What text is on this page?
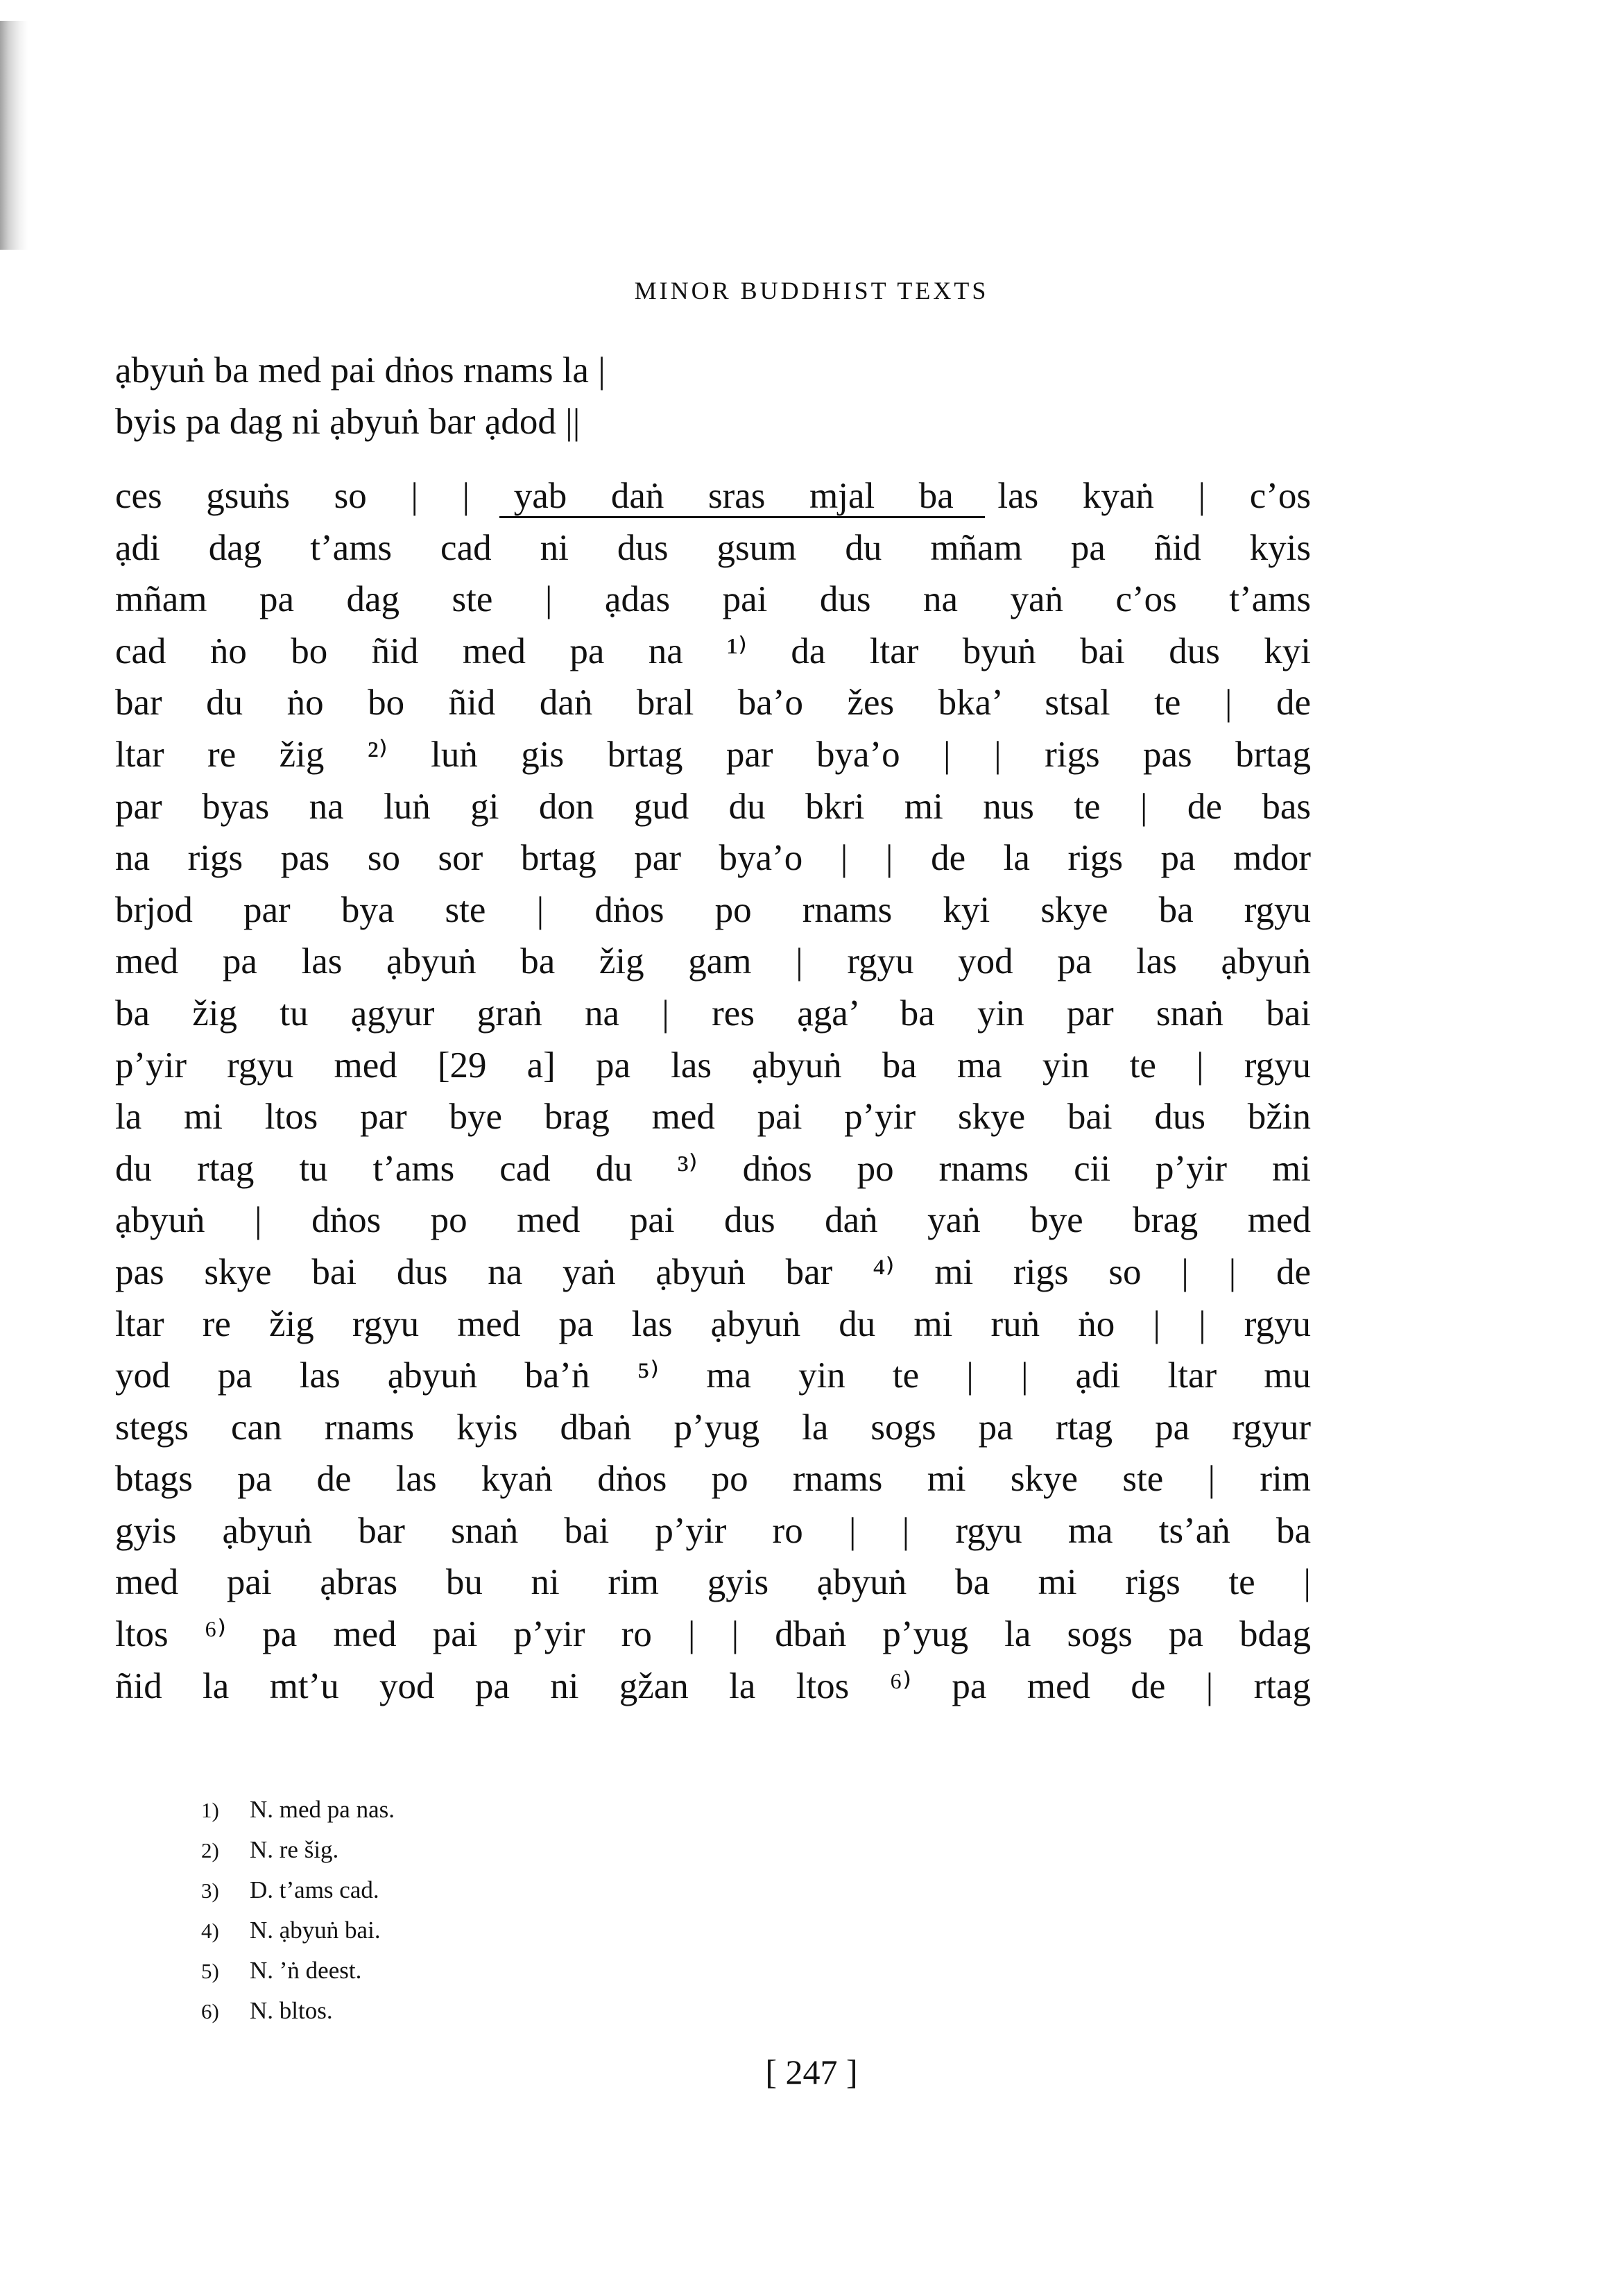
MINOR BUDDHIST TEXTS
ạbyuṅ ba med pai dṅos rnams la |
byis pa dag ni ạbyuṅ bar ạdod ||
ces gsuṅs so | | yab daṅ sras mjal ba las kyaṅ | c’os
ạdi dag t’ams cad ni dus gsum du mñam pa ñid kyis
mñam pa dag ste | ạdas pai dus na yaṅ c’os t’ams
cad ṅo bo ñid med pa na ¹⁾ da ltar byuṅ bai dus kyi
bar du ṅo bo ñid daṅ bral ba’o žes bka’ stsal te | de
ltar re žig ²⁾ luṅ gis brtag par bya’o | | rigs pas brtag
par byas na luṅ gi don gud du bkri mi nus te | de bas
na rigs pas so sor brtag par bya’o | | de la rigs pa mdor
brjod par bya ste | dṅos po rnams kyi skye ba rgyu
med pa las ạbyuṅ ba žig gam | rgyu yod pa las ạbyuṅ
ba žig tu ạgyur graṅ na | res ạga’ ba yin par snaṅ bai
p’yir rgyu med [29 a] pa las ạbyuṅ ba ma yin te | rgyu
la mi ltos par bye brag med pai p’yir skye bai dus bžin
du rtag tu t’ams cad du ³⁾ dṅos po rnams cii p’yir mi
ạbyuṅ | dṅos po med pai dus daṅ yaṅ bye brag med
pas skye bai dus na yaṅ ạbyuṅ bar ⁴⁾ mi rigs so | | de
ltar re žig rgyu med pa las ạbyuṅ du mi ruṅ ṅo | | rgyu
yod pa las ạbyuṅ ba’ṅ ⁵⁾ ma yin te | | ạdi ltar mu
stegs can rnams kyis dbaṅ p’yug la sogs pa rtag pa rgyur
btags pa de las kyaṅ dṅos po rnams mi skye ste | rim
gyis ạbyuṅ bar snaṅ bai p’yir ro | | rgyu ma ts’aṅ ba
med pai ạbras bu ni rim gyis ạbyuṅ ba mi rigs te |
ltos ⁶⁾ pa med pai p’yir ro | | dbaṅ p’yug la sogs pa bdag
ñid la mt’u yod pa ni gžan la ltos ⁶⁾ pa med de | rtag
1) N. med pa nas.
2) N. re šig.
3) D. t’ams cad.
4) N. ạbyuṅ bai.
5) N. ’ṅ deest.
6) N. bltos.
[ 247 ]
